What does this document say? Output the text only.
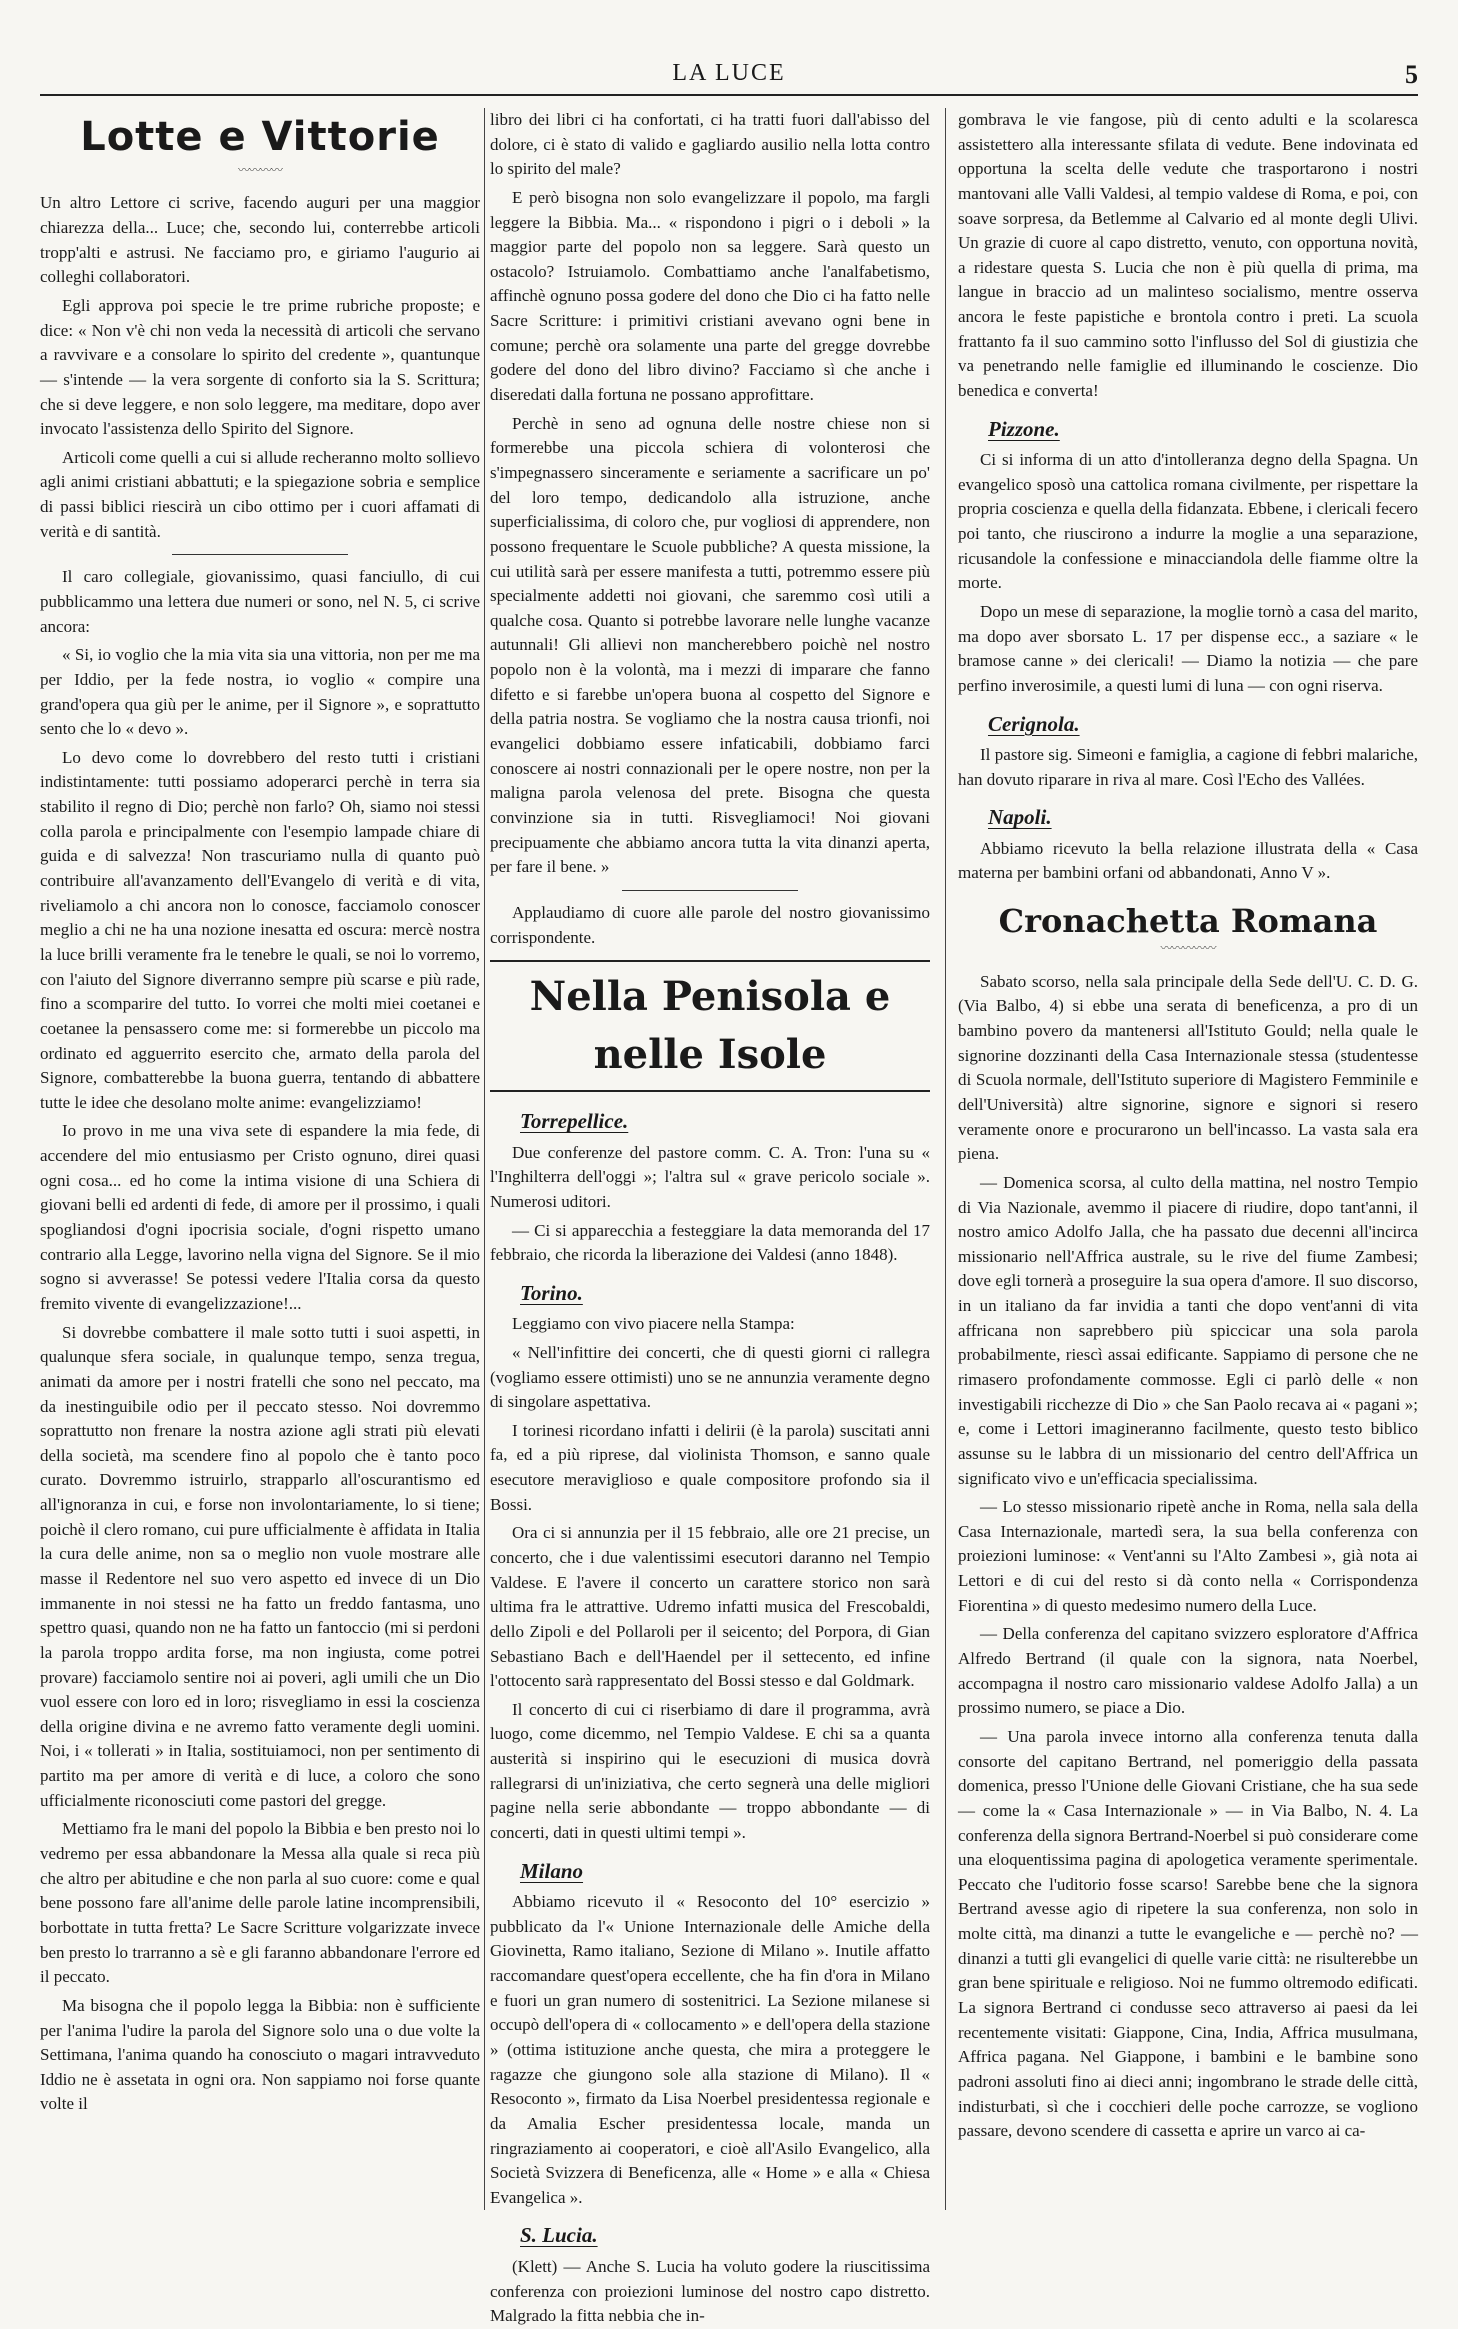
LA LUCE	5
Lotte e Vittorie
〰〰〰〰

Un altro Lettore ci scrive, facendo auguri per una maggior chiarezza della... Luce; che, secondo lui, conterrebbe articoli tropp'alti e astrusi. Ne facciamo pro, e giriamo l'augurio ai colleghi collaboratori.

Egli approva poi specie le tre prime rubriche proposte; e dice: « Non v'è chi non veda la necessità di articoli che servano a ravvivare e a consolare lo spirito del credente », quantunque — s'intende — la vera sorgente di conforto sia la S. Scrittura; che si deve leggere, e non solo leggere, ma meditare, dopo aver invocato l'assistenza dello Spirito del Signore.

Articoli come quelli a cui si allude recheranno molto sollievo agli animi cristiani abbattuti; e la spiegazione sobria e semplice di passi biblici riescirà un cibo ottimo per i cuori affamati di verità e di santità.

Il caro collegiale, giovanissimo, quasi fanciullo, di cui pubblicammo una lettera due numeri or sono, nel N. 5, ci scrive ancora:

« Si, io voglio che la mia vita sia una vittoria, non per me ma per Iddio, per la fede nostra, io voglio « compire una grand'opera qua giù per le anime, per il Signore », e soprattutto sento che lo « devo ».

Lo devo come lo dovrebbero del resto tutti i cristiani indistintamente: tutti possiamo adoperarci perchè in terra sia stabilito il regno di Dio; perchè non farlo? Oh, siamo noi stessi colla parola e principalmente con l'esempio lampade chiare di guida e di salvezza! Non trascuriamo nulla di quanto può contribuire all'avanzamento dell'Evangelo di verità e di vita, riveliamolo a chi ancora non lo conosce, facciamolo conoscer meglio a chi ne ha una nozione inesatta ed oscura: mercè nostra la luce brilli veramente fra le tenebre le quali, se noi lo vorremo, con l'aiuto del Signore diverranno sempre più scarse e più rade, fino a scomparire del tutto. Io vorrei che molti miei coetanei e coetanee la pensassero come me: si formerebbe un piccolo ma ordinato ed agguerrito esercito che, armato della parola del Signore, combatterebbe la buona guerra, tentando di abbattere tutte le idee che desolano molte anime: evangelizziamo!

Io provo in me una viva sete di espandere la mia fede, di accendere del mio entusiasmo per Cristo ognuno, direi quasi ogni cosa... ed ho come la intima visione di una Schiera di giovani belli ed ardenti di fede, di amore per il prossimo, i quali spogliandosi d'ogni ipocrisia sociale, d'ogni rispetto umano contrario alla Legge, lavorino nella vigna del Signore. Se il mio sogno si avverasse! Se potessi vedere l'Italia corsa da questo fremito vivente di evangelizzazione!...

Si dovrebbe combattere il male sotto tutti i suoi aspetti, in qualunque sfera sociale, in qualunque tempo, senza tregua, animati da amore per i nostri fratelli che sono nel peccato, ma da inestinguibile odio per il peccato stesso. Noi dovremmo soprattutto non frenare la nostra azione agli strati più elevati della società, ma scendere fino al popolo che è tanto poco curato. Dovremmo istruirlo, strapparlo all'oscurantismo ed all'ignoranza in cui, e forse non involontariamente, lo si tiene; poichè il clero romano, cui pure ufficialmente è affidata in Italia la cura delle anime, non sa o meglio non vuole mostrare alle masse il Redentore nel suo vero aspetto ed invece di un Dio immanente in noi stessi ne ha fatto un freddo fantasma, uno spettro quasi, quando non ne ha fatto un fantoccio (mi si perdoni la parola troppo ardita forse, ma non ingiusta, come potrei provare) facciamolo sentire noi ai poveri, agli umili che un Dio vuol essere con loro ed in loro; risvegliamo in essi la coscienza della origine divina e ne avremo fatto veramente degli uomini. Noi, i « tollerati » in Italia, sostituiamoci, non per sentimento di partito ma per amore di verità e di luce, a coloro che sono ufficialmente riconosciuti come pastori del gregge.

Mettiamo fra le mani del popolo la Bibbia e ben presto noi lo vedremo per essa abbandonare la Messa alla quale si reca più che altro per abitudine e che non parla al suo cuore: come e qual bene possono fare all'anime delle parole latine incomprensibili, borbottate in tutta fretta? Le Sacre Scritture volgarizzate invece ben presto lo trarranno a sè e gli faranno abbandonare l'errore ed il peccato.

Ma bisogna che il popolo legga la Bibbia: non è sufficiente per l'anima l'udire la parola del Signore solo una o due volte la Settimana, l'anima quando ha conosciuto o magari intravveduto Iddio ne è assetata in ogni ora. Non sappiamo noi forse quante volte il

libro dei libri ci ha confortati, ci ha tratti fuori dall'abisso del dolore, ci è stato di valido e gagliardo ausilio nella lotta contro lo spirito del male?

E però bisogna non solo evangelizzare il popolo, ma fargli leggere la Bibbia. Ma... « rispondono i pigri o i deboli » la maggior parte del popolo non sa leggere. Sarà questo un ostacolo? Istruiamolo. Combattiamo anche l'analfabetismo, affinchè ognuno possa godere del dono che Dio ci ha fatto nelle Sacre Scritture: i primitivi cristiani avevano ogni bene in comune; perchè ora solamente una parte del gregge dovrebbe godere del dono del libro divino? Facciamo sì che anche i diseredati dalla fortuna ne possano approfittare.

Perchè in seno ad ognuna delle nostre chiese non si formerebbe una piccola schiera di volonterosi che s'impegnassero sinceramente e seriamente a sacrificare un po' del loro tempo, dedicandolo alla istruzione, anche superficialissima, di coloro che, pur vogliosi di apprendere, non possono frequentare le Scuole pubbliche? A questa missione, la cui utilità sarà per essere manifesta a tutti, potremmo essere più specialmente addetti noi giovani, che saremmo così utili a qualche cosa. Quanto si potrebbe lavorare nelle lunghe vacanze autunnali! Gli allievi non mancherebbero poichè nel nostro popolo non è la volontà, ma i mezzi di imparare che fanno difetto e si farebbe un'opera buona al cospetto del Signore e della patria nostra. Se vogliamo che la nostra causa trionfi, noi evangelici dobbiamo essere infaticabili, dobbiamo farci conoscere ai nostri connazionali per le opere nostre, non per la maligna parola velenosa del prete. Bisogna che questa convinzione sia in tutti. Risvegliamoci! Noi giovani precipuamente che abbiamo ancora tutta la vita dinanzi aperta, per fare il bene. »

Applaudiamo di cuore alle parole del nostro giovanissimo corrispondente.

Nella Penisola e nelle Isole
Torrepellice.

Due conferenze del pastore comm. C. A. Tron: l'una su « l'Inghilterra dell'oggi »; l'altra sul « grave pericolo sociale ». Numerosi uditori.

— Ci si apparecchia a festeggiare la data memoranda del 17 febbraio, che ricorda la liberazione dei Valdesi (anno 1848).

Torino.

Leggiamo con vivo piacere nella Stampa:

« Nell'infittire dei concerti, che di questi giorni ci rallegra (vogliamo essere ottimisti) uno se ne annunzia veramente degno di singolare aspettativa.

I torinesi ricordano infatti i delirii (è la parola) suscitati anni fa, ed a più riprese, dal violinista Thomson, e sanno quale esecutore meraviglioso e quale compositore profondo sia il Bossi.

Ora ci si annunzia per il 15 febbraio, alle ore 21 precise, un concerto, che i due valentissimi esecutori daranno nel Tempio Valdese. E l'avere il concerto un carattere storico non sarà ultima fra le attrattive. Udremo infatti musica del Frescobaldi, dello Zipoli e del Pollaroli per il seicento; del Porpora, di Gian Sebastiano Bach e dell'Haendel per il settecento, ed infine l'ottocento sarà rappresentato del Bossi stesso e dal Goldmark.

Il concerto di cui ci riserbiamo di dare il programma, avrà luogo, come dicemmo, nel Tempio Valdese. E chi sa a quanta austerità si inspirino qui le esecuzioni di musica dovrà rallegrarsi di un'iniziativa, che certo segnerà una delle migliori pagine nella serie abbondante — troppo abbondante — di concerti, dati in questi ultimi tempi ».

Milano

Abbiamo ricevuto il « Resoconto del 10° esercizio » pubblicato da l'« Unione Internazionale delle Amiche della Giovinetta, Ramo italiano, Sezione di Milano ». Inutile affatto raccomandare quest'opera eccellente, che ha fin d'ora in Milano e fuori un gran numero di sostenitrici. La Sezione milanese si occupò dell'opera di « collocamento » e dell'opera della stazione » (ottima istituzione anche questa, che mira a proteggere le ragazze che giungono sole alla stazione di Milano). Il « Resoconto », firmato da Lisa Noerbel presidentessa regionale e da Amalia Escher presidentessa locale, manda un ringraziamento ai cooperatori, e cioè all'Asilo Evangelico, alla Società Svizzera di Beneficenza, alle « Home » e alla « Chiesa Evangelica ».

S. Lucia.

(Klett) — Anche S. Lucia ha voluto godere la riuscitissima conferenza con proiezioni luminose del nostro capo distretto. Malgrado la fitta nebbia che in-

gombrava le vie fangose, più di cento adulti e la scolaresca assistettero alla interessante sfilata di vedute. Bene indovinata ed opportuna la scelta delle vedute che trasportarono i nostri mantovani alle Valli Valdesi, al tempio valdese di Roma, e poi, con soave sorpresa, da Betlemme al Calvario ed al monte degli Ulivi. Un grazie di cuore al capo distretto, venuto, con opportuna novità, a ridestare questa S. Lucia che non è più quella di prima, ma langue in braccio ad un malinteso socialismo, mentre osserva ancora le feste papistiche e brontola contro i preti. La scuola frattanto fa il suo cammino sotto l'influsso del Sol di giustizia che va penetrando nelle famiglie ed illuminando le coscienze. Dio benedica e converta!

Pizzone.

Ci si informa di un atto d'intolleranza degno della Spagna. Un evangelico sposò una cattolica romana civilmente, per rispettare la propria coscienza e quella della fidanzata. Ebbene, i clericali fecero poi tanto, che riuscirono a indurre la moglie a una separazione, ricusandole la confessione e minacciandola delle fiamme oltre la morte.

Dopo un mese di separazione, la moglie tornò a casa del marito, ma dopo aver sborsato L. 17 per dispense ecc., a saziare « le bramose canne » dei clericali! — Diamo la notizia — che pare perfino inverosimile, a questi lumi di luna — con ogni riserva.

Cerignola.

Il pastore sig. Simeoni e famiglia, a cagione di febbri malariche, han dovuto riparare in riva al mare. Così l'Echo des Vallées.

Napoli.

Abbiamo ricevuto la bella relazione illustrata della « Casa materna per bambini orfani od abbandonati, Anno V ».

Cronachetta Romana
〰〰〰〰〰

Sabato scorso, nella sala principale della Sede dell'U. C. D. G. (Via Balbo, 4) si ebbe una serata di beneficenza, a pro di un bambino povero da mantenersi all'Istituto Gould; nella quale le signorine dozzinanti della Casa Internazionale stessa (studentesse di Scuola normale, dell'Istituto superiore di Magistero Femminile e dell'Università) altre signorine, signore e signori si resero veramente onore e procurarono un bell'incasso. La vasta sala era piena.

— Domenica scorsa, al culto della mattina, nel nostro Tempio di Via Nazionale, avemmo il piacere di riudire, dopo tant'anni, il nostro amico Adolfo Jalla, che ha passato due decenni all'incirca missionario nell'Affrica australe, su le rive del fiume Zambesi; dove egli tornerà a proseguire la sua opera d'amore. Il suo discorso, in un italiano da far invidia a tanti che dopo vent'anni di vita affricana non saprebbero più spiccicar una sola parola probabilmente, riescì assai edificante. Sappiamo di persone che ne rimasero profondamente commosse. Egli ci parlò delle « non investigabili ricchezze di Dio » che San Paolo recava ai « pagani »; e, come i Lettori imagineranno facilmente, questo testo biblico assunse su le labbra di un missionario del centro dell'Affrica un significato vivo e un'efficacia specialissima.

— Lo stesso missionario ripetè anche in Roma, nella sala della Casa Internazionale, martedì sera, la sua bella conferenza con proiezioni luminose: « Vent'anni su l'Alto Zambesi », già nota ai Lettori e di cui del resto si dà conto nella « Corrispondenza Fiorentina » di questo medesimo numero della Luce.

— Della conferenza del capitano svizzero esploratore d'Affrica Alfredo Bertrand (il quale con la signora, nata Noerbel, accompagna il nostro caro missionario valdese Adolfo Jalla) a un prossimo numero, se piace a Dio.

— Una parola invece intorno alla conferenza tenuta dalla consorte del capitano Bertrand, nel pomeriggio della passata domenica, presso l'Unione delle Giovani Cristiane, che ha sua sede — come la « Casa Internazionale » — in Via Balbo, N. 4. La conferenza della signora Bertrand-Noerbel si può considerare come una eloquentissima pagina di apologetica veramente sperimentale. Peccato che l'uditorio fosse scarso! Sarebbe bene che la signora Bertrand avesse agio di ripetere la sua conferenza, non solo in molte città, ma dinanzi a tutte le evangeliche e — perchè no? — dinanzi a tutti gli evangelici di quelle varie città: ne risulterebbe un gran bene spirituale e religioso. Noi ne fummo oltremodo edificati. La signora Bertrand ci condusse seco attraverso ai paesi da lei recentemente visitati: Giappone, Cina, India, Affrica musulmana, Affrica pagana. Nel Giappone, i bambini e le bambine sono padroni assoluti fino ai dieci anni; ingombrano le strade delle città, indisturbati, sì che i cocchieri delle poche carrozze, se vogliono passare, devono scendere di cassetta e aprire un varco ai ca-
